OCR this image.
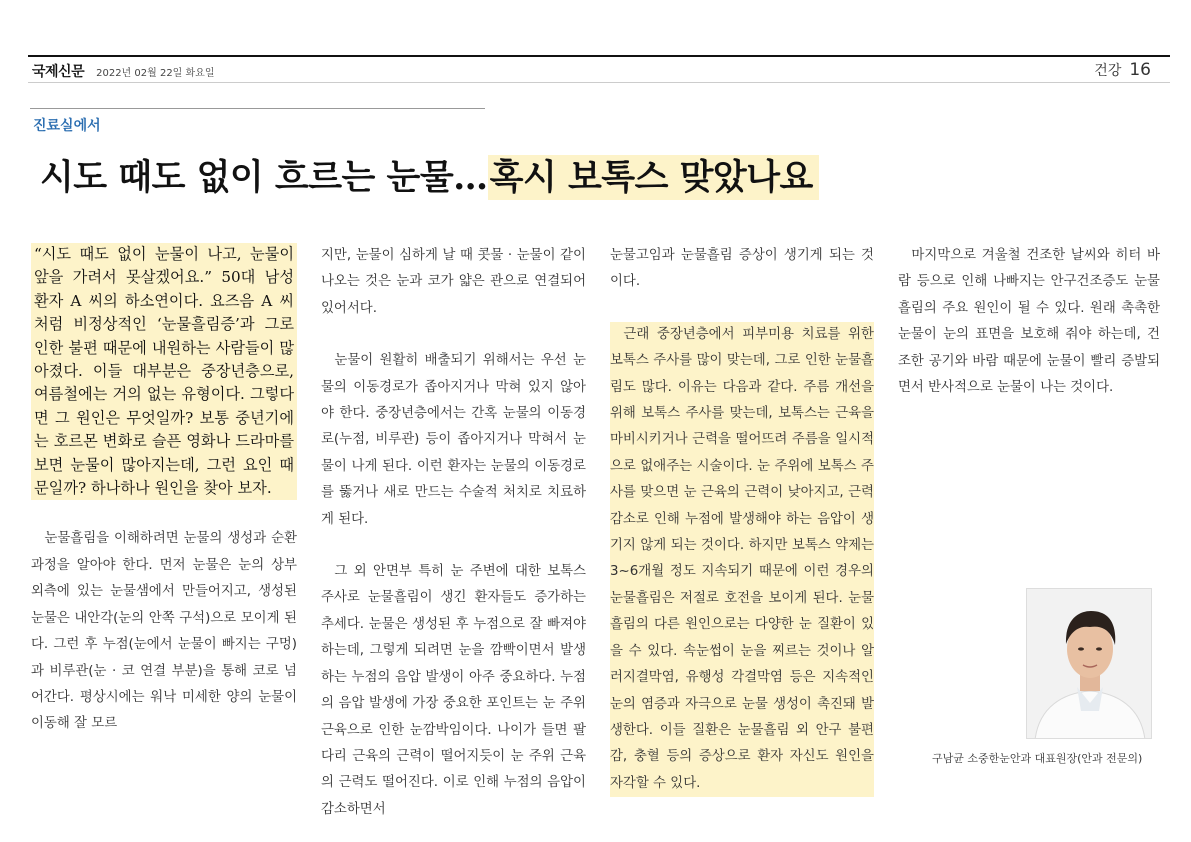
국제신문 2022년 02월 22일 화요일	건강 16
진료실에서
시도 때도 없이 흐르는 눈물…혹시 보톡스 맞았나요

“시도 때도 없이 눈물이 나고, 눈물이 앞을 가려서 못살겠어요.” 50대 남성 환자 A 씨의 하소연이다. 요즈음 A 씨처럼 비정상적인 ‘눈물흘림증’과 그로 인한 불편 때문에 내원하는 사람들이 많아졌다. 이들 대부분은 중장년층으로, 여름철에는 거의 없는 유형이다. 그렇다면 그 원인은 무엇일까? 보통 중년기에는 호르몬 변화로 슬픈 영화나 드라마를 보면 눈물이 많아지는데, 그런 요인 때문일까? 하나하나 원인을 찾아 보자.

눈물흘림을 이해하려면 눈물의 생성과 순환과정을 알아야 한다. 먼저 눈물은 눈의 상부 외측에 있는 눈물샘에서 만들어지고, 생성된 눈물은 내안각(눈의 안쪽 구석)으로 모이게 된다. 그런 후 누점(눈에서 눈물이 빠지는 구멍)과 비루관(눈 · 코 연결 부분)을 통해 코로 넘어간다. 평상시에는 워낙 미세한 양의 눈물이 이동해 잘 모르

지만, 눈물이 심하게 날 때 콧물 · 눈물이 같이 나오는 것은 눈과 코가 얇은 관으로 연결되어 있어서다.

눈물이 원활히 배출되기 위해서는 우선 눈물의 이동경로가 좁아지거나 막혀 있지 않아야 한다. 중장년층에서는 간혹 눈물의 이동경로(누점, 비루관) 등이 좁아지거나 막혀서 눈물이 나게 된다. 이런 환자는 눈물의 이동경로를 뚫거나 새로 만드는 수술적 처치로 치료하게 된다.

그 외 안면부 특히 눈 주변에 대한 보톡스 주사로 눈물흘림이 생긴 환자들도 증가하는 추세다. 눈물은 생성된 후 누점으로 잘 빠져야 하는데, 그렇게 되려면 눈을 깜빡이면서 발생하는 누점의 음압 발생이 아주 중요하다. 누점의 음압 발생에 가장 중요한 포인트는 눈 주위 근육으로 인한 눈깜박임이다. 나이가 들면 팔다리 근육의 근력이 떨어지듯이 눈 주위 근육의 근력도 떨어진다. 이로 인해 누점의 음압이 감소하면서

눈물고임과 눈물흘림 증상이 생기게 되는 것이다.

근래 중장년층에서 피부미용 치료를 위한 보톡스 주사를 많이 맞는데, 그로 인한 눈물흘림도 많다. 이유는 다음과 같다. 주름 개선을 위해 보톡스 주사를 맞는데, 보톡스는 근육을 마비시키거나 근력을 떨어뜨려 주름을 일시적으로 없애주는 시술이다. 눈 주위에 보톡스 주사를 맞으면 눈 근육의 근력이 낮아지고, 근력 감소로 인해 누점에 발생해야 하는 음압이 생기지 않게 되는 것이다. 하지만 보톡스 약제는 3~6개월 정도 지속되기 때문에 이런 경우의 눈물흘림은 저절로 호전을 보이게 된다. 눈물흘림의 다른 원인으로는 다양한 눈 질환이 있을 수 있다. 속눈썹이 눈을 찌르는 것이나 알러지결막염, 유행성 각결막염 등은 지속적인 눈의 염증과 자극으로 눈물 생성이 촉진돼 발생한다. 이들 질환은 눈물흘림 외 안구 불편감, 충혈 등의 증상으로 환자 자신도 원인을 자각할 수 있다.

마지막으로 겨울철 건조한 날씨와 히터 바람 등으로 인해 나빠지는 안구건조증도 눈물흘림의 주요 원인이 될 수 있다. 원래 촉촉한 눈물이 눈의 표면을 보호해 줘야 하는데, 건조한 공기와 바람 때문에 눈물이 빨리 증발되면서 반사적으로 눈물이 나는 것이다.

구남균 소중한눈안과 대표원장(안과 전문의)
